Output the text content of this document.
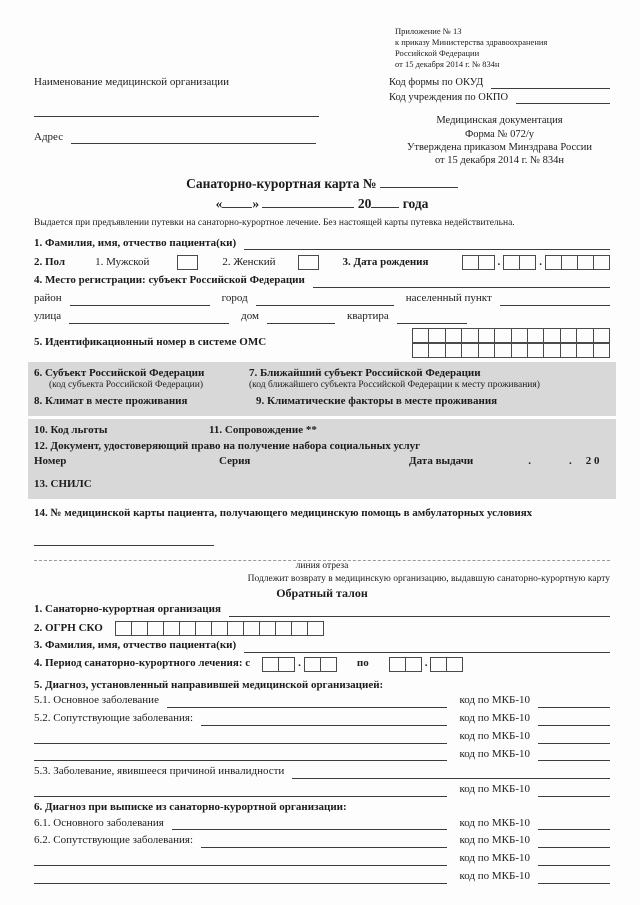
Приложение № 13
к приказу Министерства здравоохранения
Российской Федерации
от 15 декабря 2014 г. № 834н
Наименование медицинской организации
Адрес
Код формы по ОКУД
Код учреждения по ОКПО
Медицинская документация
Форма № 072/у
Утверждена приказом Минздрава России
от 15 декабря 2014 г. № 834н
Санаторно-курортная карта №
« »	20 года
Выдается при предъявлении путевки на санаторно-курортное лечение. Без настоящей карты путевка недействительна.
1. Фамилия, имя, отчество пациента(ки)
2. Пол	1. Мужской	2. Женский	3. Дата рождения	.	.
4. Место регистрации: субъект Российской Федерации
район	город	населенный пункт
улица	дом	квартира
5. Идентификационный номер в системе ОМС
6. Субъект Российской Федерации	7. Ближайший субъект Российской Федерации
(код субъекта Российской Федерации)	(код ближайшего субъекта Российской Федерации к месту проживания)
8. Климат в месте проживания	9. Климатические факторы в месте проживания
10. Код льготы	11. Сопровождение **
12. Документ, удостоверяющий право на получение набора социальных услуг
Номер	Серия	Дата выдачи	.	. 2 0
13. СНИЛС
14. № медицинской карты пациента, получающего медицинскую помощь в амбулаторных условиях
линия отреза
Подлежит возврату в медицинскую организацию, выдавшую санаторно-курортную карту
Обратный талон
1. Санаторно-курортная организация
2. ОГРН СКО
3. Фамилия, имя, отчество пациента(ки)
4. Период санаторно-курортного лечения: с	.	по	.
5. Диагноз, установленный направившей медицинской организацией:
5.1. Основное заболевание	код по МКБ-10
5.2. Сопутствующие заболевания:	код по МКБ-10
код по МКБ-10
код по МКБ-10
5.3. Заболевание, явившееся причиной инвалидности
код по МКБ-10
6. Диагноз при выписке из санаторно-курортной организации:
6.1. Основного заболевания	код по МКБ-10
6.2. Сопутствующие заболевания:	код по МКБ-10
код по МКБ-10
код по МКБ-10
